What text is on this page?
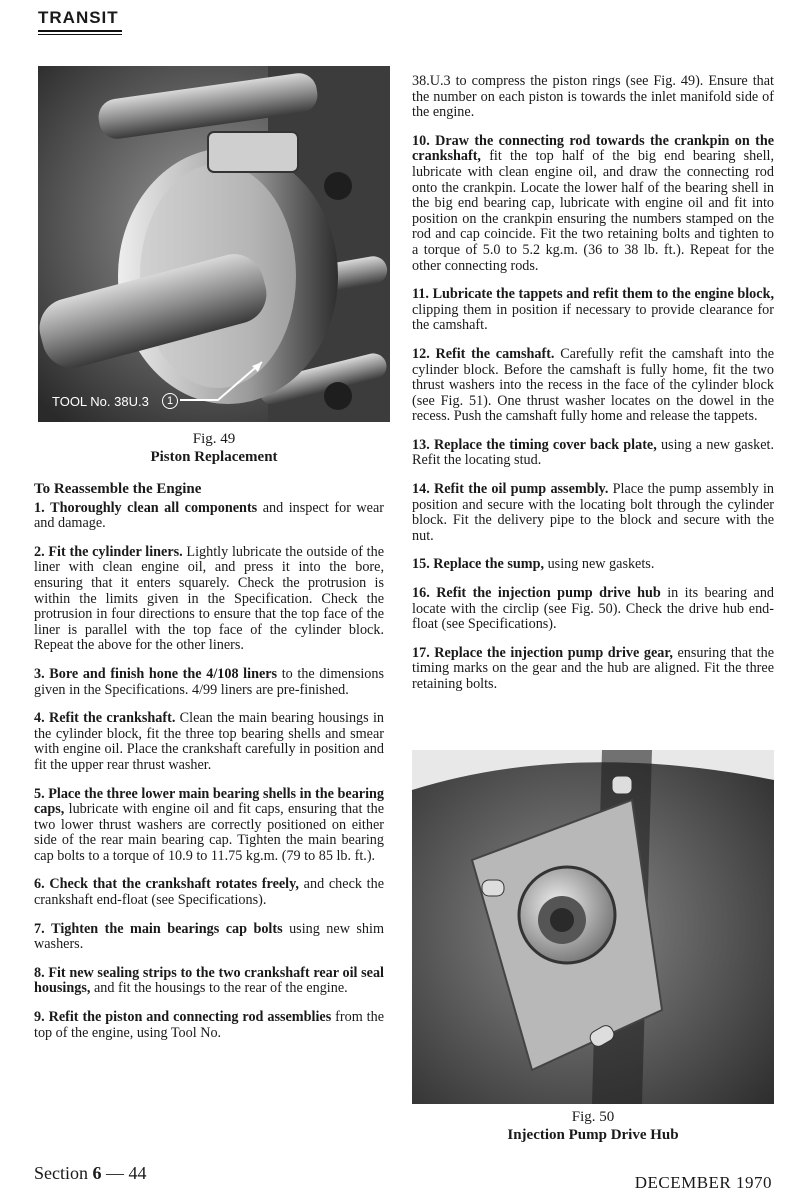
TRANSIT
TOOL No. 38U.3	1
Fig. 49
Piston Replacement
To Reassemble the Engine

1. Thoroughly clean all components and inspect for wear and damage.

2. Fit the cylinder liners. Lightly lubricate the outside of the liner with clean engine oil, and press it into the bore, ensuring that it enters squarely. Check the protrusion is within the limits given in the Specification. Check the protrusion in four directions to ensure that the top face of the liner is parallel with the top face of the cylinder block. Repeat the above for the other liners.

3. Bore and finish hone the 4/108 liners to the dimensions given in the Specifications. 4/99 liners are pre-finished.

4. Refit the crankshaft. Clean the main bearing housings in the cylinder block, fit the three top bearing shells and smear with engine oil. Place the crankshaft carefully in position and fit the upper rear thrust washer.

5. Place the three lower main bearing shells in the bearing caps, lubricate with engine oil and fit caps, ensuring that the two lower thrust washers are correctly positioned on either side of the rear main bearing cap. Tighten the main bearing cap bolts to a torque of 10.9 to 11.75 kg.m. (79 to 85 lb. ft.).

6. Check that the crankshaft rotates freely, and check the crankshaft end-float (see Specifications).

7. Tighten the main bearings cap bolts using new shim washers.

8. Fit new sealing strips to the two crankshaft rear oil seal housings, and fit the housings to the rear of the engine.

9. Refit the piston and connecting rod assemblies from the top of the engine, using Tool No.

38.U.3 to compress the piston rings (see Fig. 49). Ensure that the number on each piston is towards the inlet manifold side of the engine.

10. Draw the connecting rod towards the crankpin on the crankshaft, fit the top half of the big end bearing shell, lubricate with clean engine oil, and draw the connecting rod onto the crankpin. Locate the lower half of the bearing shell in the big end bearing cap, lubricate with engine oil and fit into position on the crankpin ensuring the numbers stamped on the rod and cap coincide. Fit the two retaining bolts and tighten to a torque of 5.0 to 5.2 kg.m. (36 to 38 lb. ft.). Repeat for the other connecting rods.

11. Lubricate the tappets and refit them to the engine block, clipping them in position if necessary to provide clearance for the camshaft.

12. Refit the camshaft. Carefully refit the camshaft into the cylinder block. Before the camshaft is fully home, fit the two thrust washers into the recess in the face of the cylinder block (see Fig. 51). One thrust washer locates on the dowel in the recess. Push the camshaft fully home and release the tappets.

13. Replace the timing cover back plate, using a new gasket. Refit the locating stud.

14. Refit the oil pump assembly. Place the pump assembly in position and secure with the locating bolt through the cylinder block. Fit the delivery pipe to the block and secure with the nut.

15. Replace the sump, using new gaskets.

16. Refit the injection pump drive hub in its bearing and locate with the circlip (see Fig. 50). Check the drive hub end-float (see Specifications).

17. Replace the injection pump drive gear, ensuring that the timing marks on the gear and the hub are aligned. Fit the three retaining bolts.

Fig. 50
Injection Pump Drive Hub
Section 6 — 44	DECEMBER 1970
